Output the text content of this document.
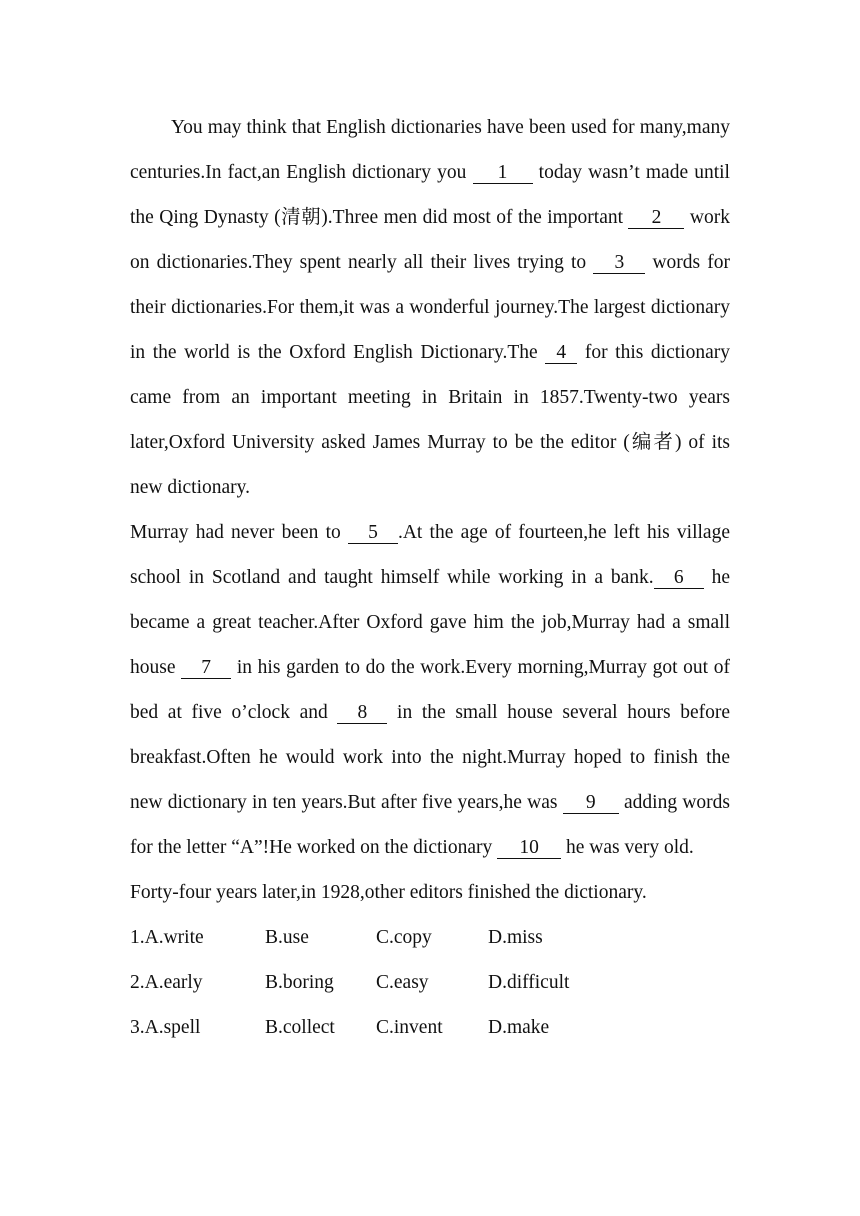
You may think that English dictionaries have been used for many,many centuries.In fact,an English dictionary you 1 today wasn’t made until the Qing Dynasty (清朝).Three men did most of the important 2 work on dictionaries.They spent nearly all their lives trying to 3 words for their dictionaries.For them,it was a wonderful journey.The largest dictionary in the world is the Oxford English Dictionary.The 4 for this dictionary came from an important meeting in Britain in 1857.Twenty-two years later,Oxford University asked James Murray to be the editor (编者) of its new dictionary.

Murray had never been to 5 .At the age of fourteen,he left his village school in Scotland and taught himself while working in a bank. 6 he became a great teacher.After Oxford gave him the job,Murray had a small house 7 in his garden to do the work.Every morning,Murray got out of bed at five o’clock and 8 in the small house several hours before breakfast.Often he would work into the night.Murray hoped to finish the new dictionary in ten years.But after five years,he was 9 adding words for the letter “A”!He worked on the dictionary 10 he was very old.

Forty-four years later,in 1928,other editors finished the dictionary.

1.A.write	B.use	C.copy	D.miss
2.A.early	B.boring	C.easy	D.difficult
3.A.spell	B.collect	C.invent	D.make
